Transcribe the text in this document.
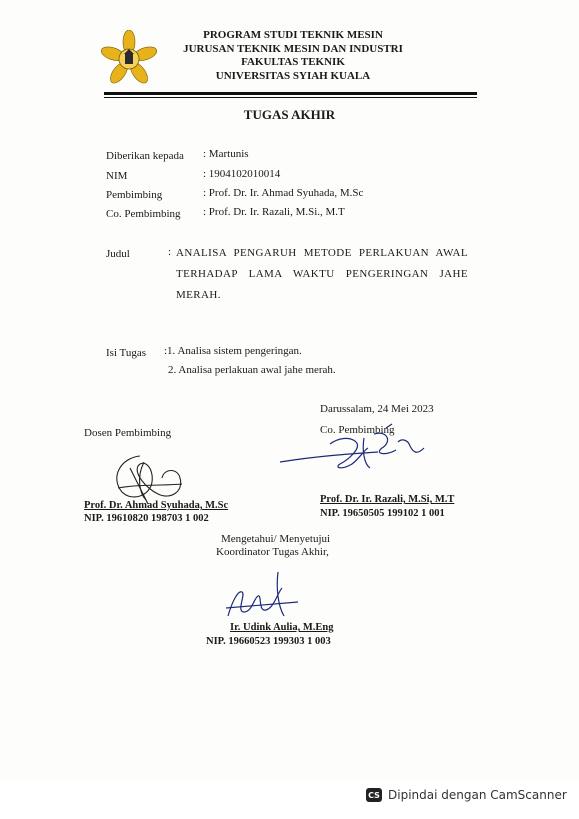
PROGRAM STUDI TEKNIK MESIN
JURUSAN TEKNIK MESIN DAN INDUSTRI
FAKULTAS TEKNIK
UNIVERSITAS SYIAH KUALA
TUGAS AKHIR
Diberikan kepada : Martunis
NIM	: 1904102010014
Pembimbing	: Prof. Dr. Ir. Ahmad Syuhada, M.Sc
Co. Pembimbing : Prof. Dr. Ir. Razali, M.Si., M.T
Judul	: ANALISA PENGARUH METODE PERLAKUAN AWAL TERHADAP LAMA WAKTU PENGERINGAN JAHE MERAH.
Isi Tugas :1. Analisa sistem pengeringan.
2. Analisa perlakuan awal jahe merah.
Darussalam, 24 Mei 2023
Dosen Pembimbing	Co. Pembimbing
Prof. Dr. Ahmad Syuhada, M.Sc
NIP. 19610820 198703 1 002
Prof. Dr. Ir. Razali, M.Si, M.T
NIP. 19650505 199102 1 001
Mengetahui/ Menyetujui
Koordinator Tugas Akhir,
Ir. Udink Aulia, M.Eng
NIP. 19660523 199303 1 003
CS Dipindai dengan CamScanner
